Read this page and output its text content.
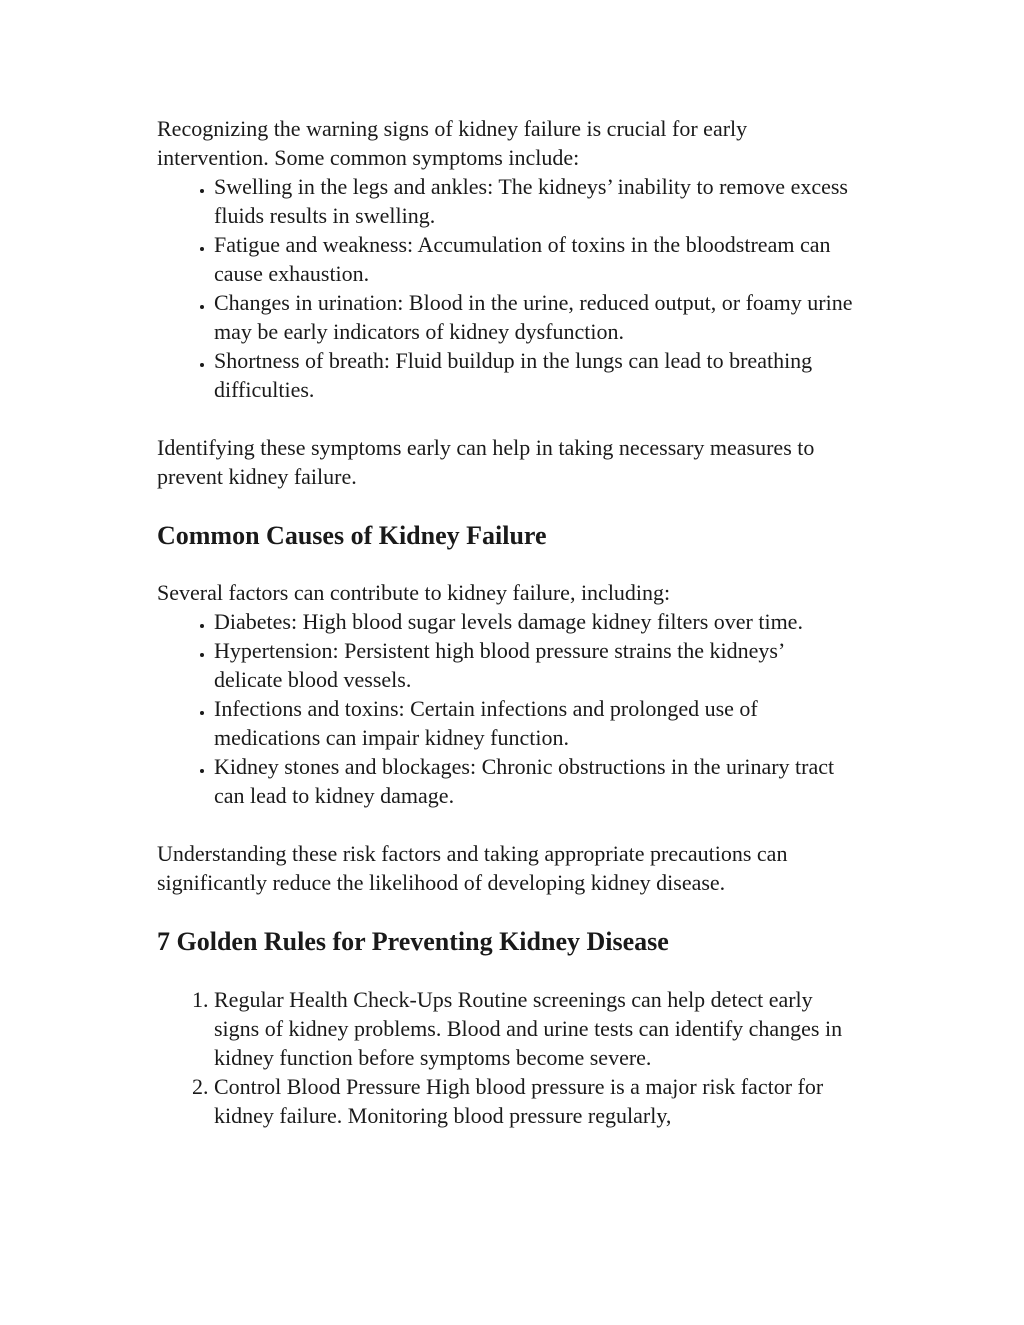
Recognizing the warning signs of kidney failure is crucial for early intervention. Some common symptoms include:

• Swelling in the legs and ankles: The kidneys’ inability to remove excess fluids results in swelling.
• Fatigue and weakness: Accumulation of toxins in the bloodstream can cause exhaustion.
• Changes in urination: Blood in the urine, reduced output, or foamy urine may be early indicators of kidney dysfunction.
• Shortness of breath: Fluid buildup in the lungs can lead to breathing difficulties.

Identifying these symptoms early can help in taking necessary measures to prevent kidney failure.

Common Causes of Kidney Failure

Several factors can contribute to kidney failure, including:

• Diabetes: High blood sugar levels damage kidney filters over time.
• Hypertension: Persistent high blood pressure strains the kidneys’ delicate blood vessels.
• Infections and toxins: Certain infections and prolonged use of medications can impair kidney function.
• Kidney stones and blockages: Chronic obstructions in the urinary tract can lead to kidney damage.

Understanding these risk factors and taking appropriate precautions can significantly reduce the likelihood of developing kidney disease.

7 Golden Rules for Preventing Kidney Disease
1. Regular Health Check-Ups Routine screenings can help detect early signs of kidney problems. Blood and urine tests can identify changes in kidney function before symptoms become severe.
2. Control Blood Pressure High blood pressure is a major risk factor for kidney failure. Monitoring blood pressure regularly,
